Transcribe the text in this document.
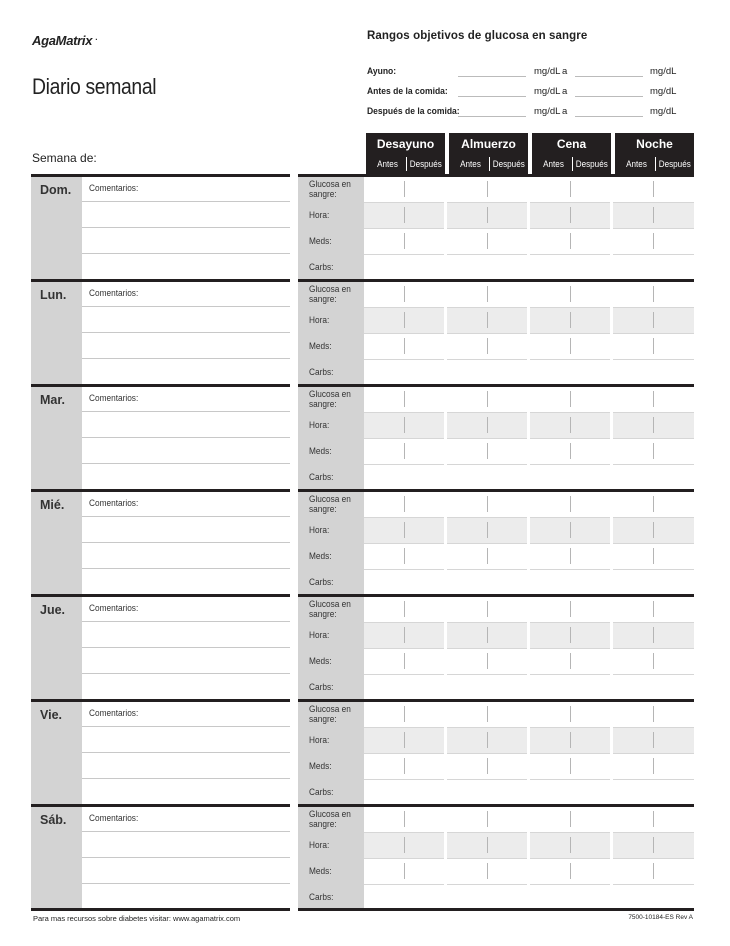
AgaMatrix .
Diario semanal
Semana de:
Rangos objetivos de glucosa en sangre
Ayuno:	mg/dL a	mg/dL
Antes de la comida:	mg/dL a	mg/dL
Después de la comida:	mg/dL a	mg/dL
Desayuno
Antes Después
Almuerzo
Antes Después
Cena
Antes Después
Noche
Antes Después
Dom. Comentarios:	Glucosa en sangre:
Hora:
Meds:
Carbs:
Lun.	Comentarios:	Glucosa en sangre:
Hora:
Meds:
Carbs:
Mar.	Comentarios:	Glucosa en sangre:
Hora:
Meds:
Carbs:
Mié.	Comentarios:	Glucosa en sangre:
Hora:
Meds:
Carbs:
Jue.	Comentarios:	Glucosa en sangre:
Hora:
Meds:
Carbs:
Vie.	Comentarios:	Glucosa en sangre:
Hora:
Meds:
Carbs:
Sáb.	Comentarios:	Glucosa en sangre:
Hora:
Meds:
Carbs:
Para mas recursos sobre diabetes visitar: www.agamatrix.com	7500-10184-ES Rev A
